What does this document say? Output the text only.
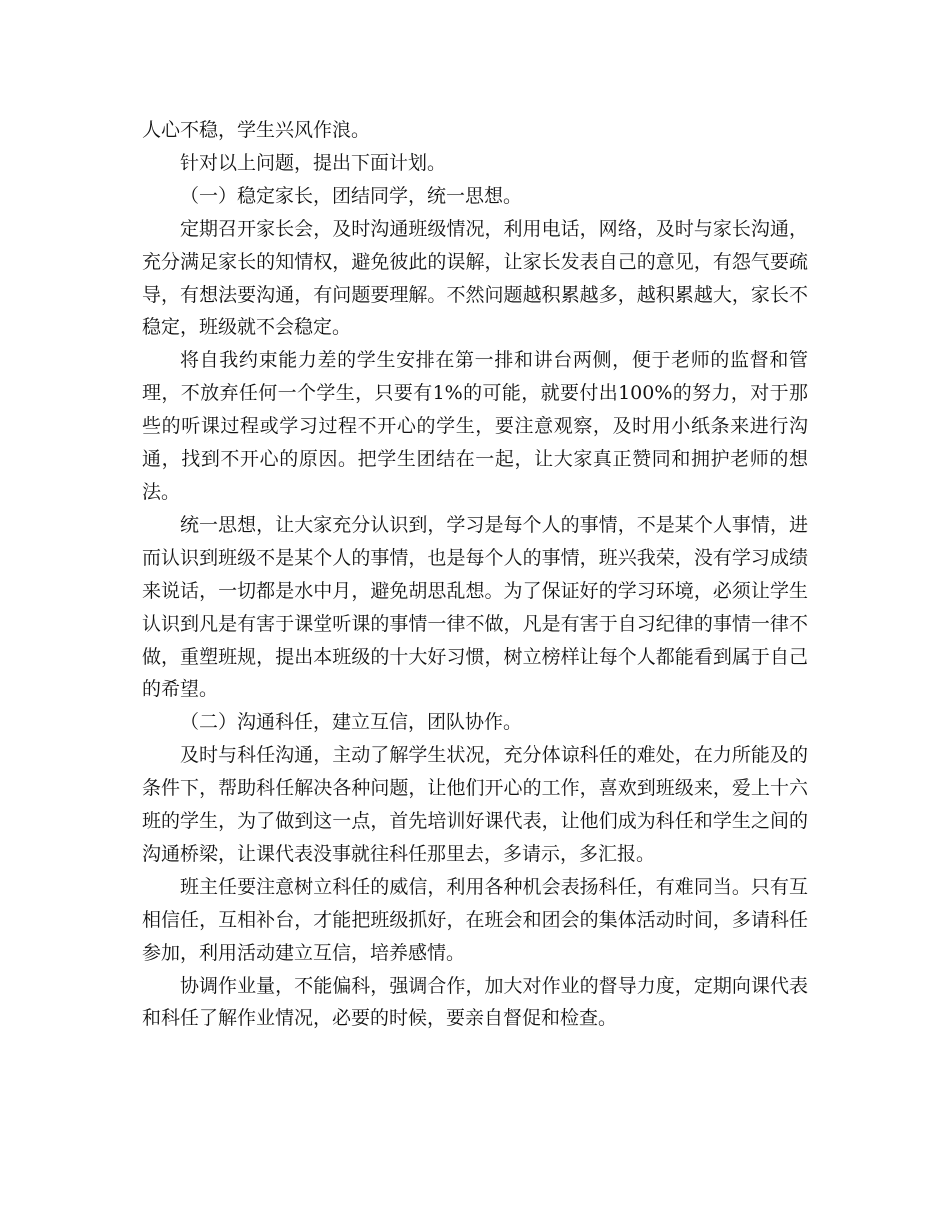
人心不稳，学生兴风作浪。

针对以上问题，提出下面计划。

（一）稳定家长，团结同学，统一思想。

定期召开家长会，及时沟通班级情况，利用电话，网络，及时与家长沟通，充分满足家长的知情权，避免彼此的误解，让家长发表自己的意见，有怨气要疏导，有想法要沟通，有问题要理解。不然问题越积累越多，越积累越大，家长不稳定，班级就不会稳定。

将自我约束能力差的学生安排在第一排和讲台两侧，便于老师的监督和管理，不放弃任何一个学生，只要有1%的可能，就要付出100%的努力，对于那些的听课过程或学习过程不开心的学生，要注意观察，及时用小纸条来进行沟通，找到不开心的原因。把学生团结在一起，让大家真正赞同和拥护老师的想法。

统一思想，让大家充分认识到，学习是每个人的事情，不是某个人事情，进而认识到班级不是某个人的事情，也是每个人的事情，班兴我荣，没有学习成绩来说话，一切都是水中月，避免胡思乱想。为了保证好的学习环境，必须让学生认识到凡是有害于课堂听课的事情一律不做，凡是有害于自习纪律的事情一律不做，重塑班规，提出本班级的十大好习惯，树立榜样让每个人都能看到属于自己的希望。

（二）沟通科任，建立互信，团队协作。

及时与科任沟通，主动了解学生状况，充分体谅科任的难处，在力所能及的条件下，帮助科任解决各种问题，让他们开心的工作，喜欢到班级来，爱上十六班的学生，为了做到这一点，首先培训好课代表，让他们成为科任和学生之间的沟通桥梁，让课代表没事就往科任那里去，多请示，多汇报。

班主任要注意树立科任的威信，利用各种机会表扬科任，有难同当。只有互相信任，互相补台，才能把班级抓好，在班会和团会的集体活动时间，多请科任参加，利用活动建立互信，培养感情。

协调作业量，不能偏科，强调合作，加大对作业的督导力度，定期向课代表和科任了解作业情况，必要的时候，要亲自督促和检查。
